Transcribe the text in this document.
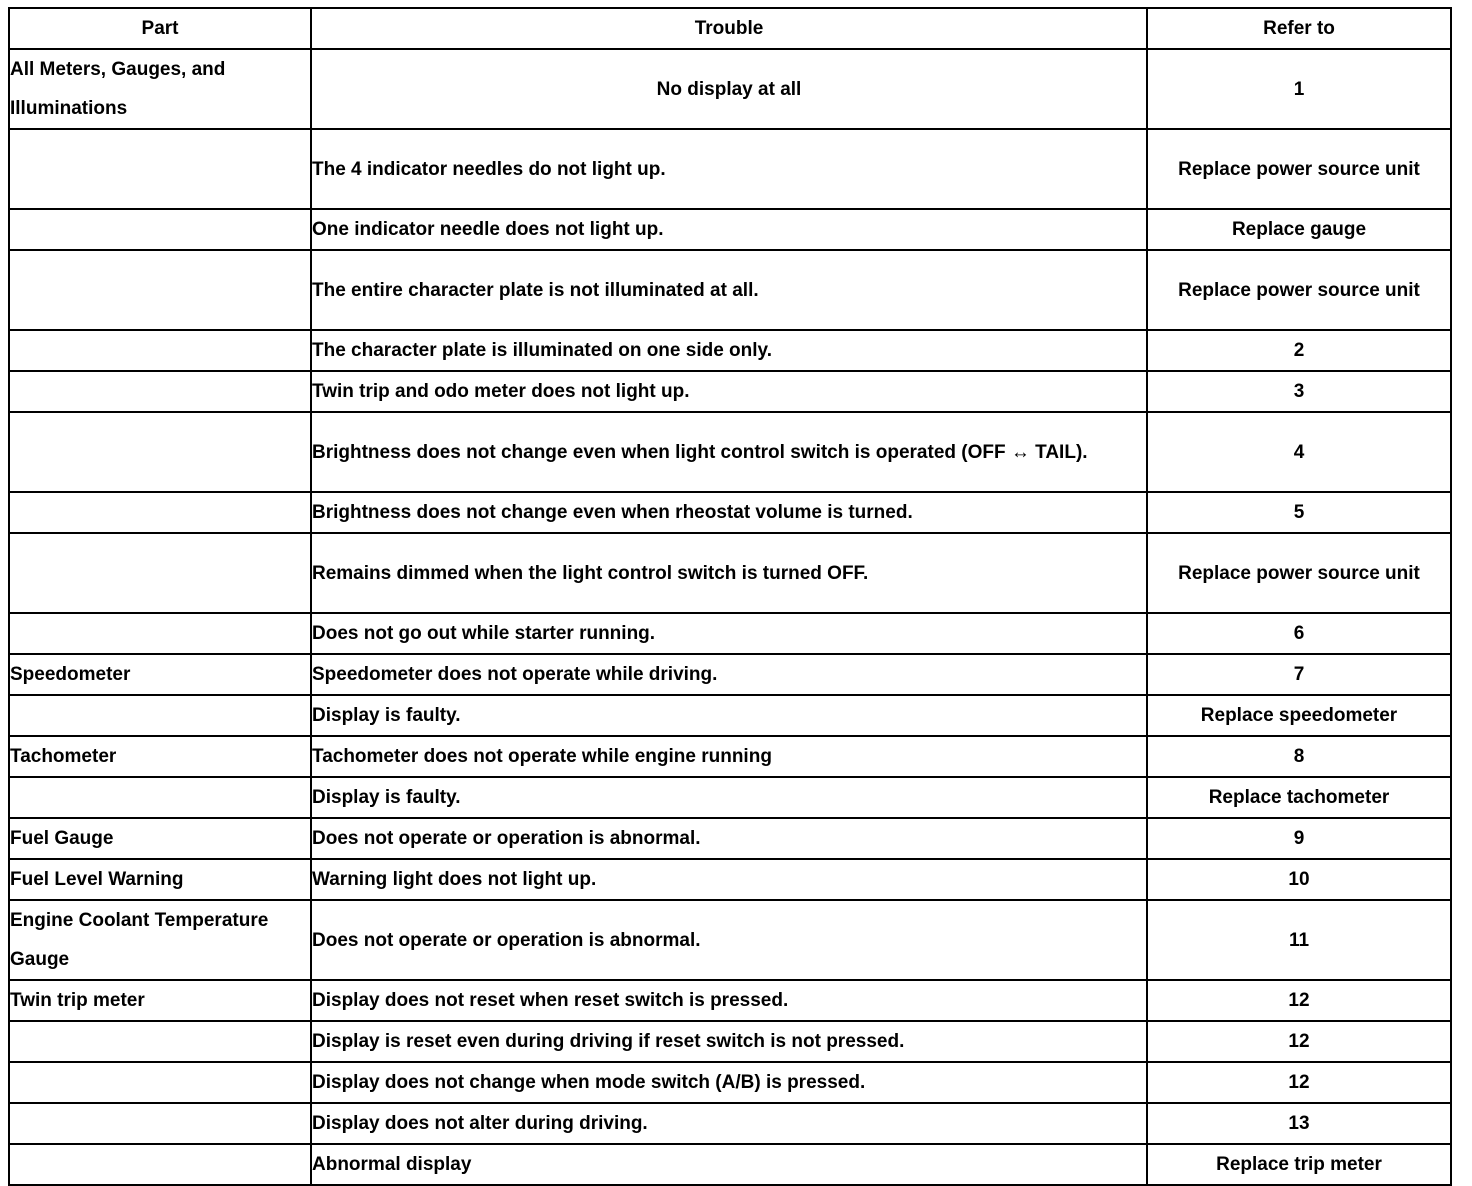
Part	Trouble	Refer to
All Meters, Gauges, and Illuminations	No display at all	1
	The 4 indicator needles do not light up.	Replace power source unit
	One indicator needle does not light up.	Replace gauge
	The entire character plate is not illuminated at all.	Replace power source unit
	The character plate is illuminated on one side only.	2
	Twin trip and odo meter does not light up.	3
	Brightness does not change even when light control switch is operated (OFF ↔ TAIL).	4
	Brightness does not change even when rheostat volume is turned.	5
	Remains dimmed when the light control switch is turned OFF.	Replace power source unit
	Does not go out while starter running.	6
Speedometer	Speedometer does not operate while driving.	7
	Display is faulty.	Replace speedometer
Tachometer	Tachometer does not operate while engine running	8
	Display is faulty.	Replace tachometer
Fuel Gauge	Does not operate or operation is abnormal.	9
Fuel Level Warning	Warning light does not light up.	10
Engine Coolant Temperature Gauge	Does not operate or operation is abnormal.	11
Twin trip meter	Display does not reset when reset switch is pressed.	12
	Display is reset even during driving if reset switch is not pressed.	12
	Display does not change when mode switch (A/B) is pressed.	12
	Display does not alter during driving.	13
	Abnormal display	Replace trip meter
